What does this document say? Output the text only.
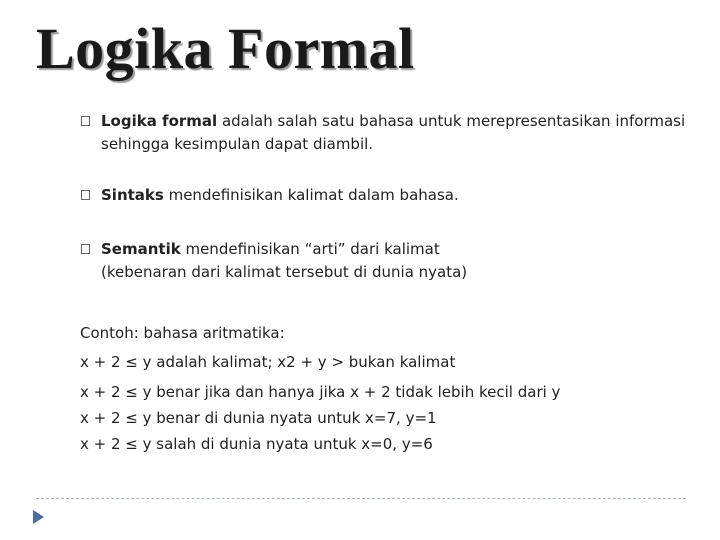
Logika Formal
Logika formal adalah salah satu bahasa untuk merepresentasikan informasi sehingga kesimpulan dapat diambil.
Sintaks mendefinisikan kalimat dalam bahasa.
Semantik mendefinisikan “arti” dari kalimat
(kebenaran dari kalimat tersebut di dunia nyata)
Contoh: bahasa aritmatika:
x + 2 ≤ y adalah kalimat; x2 + y > bukan kalimat
x + 2 ≤ y benar jika dan hanya jika x + 2 tidak lebih kecil dari y
x + 2 ≤ y benar di dunia nyata untuk x=7, y=1
x + 2 ≤ y salah di dunia nyata untuk x=0, y=6
